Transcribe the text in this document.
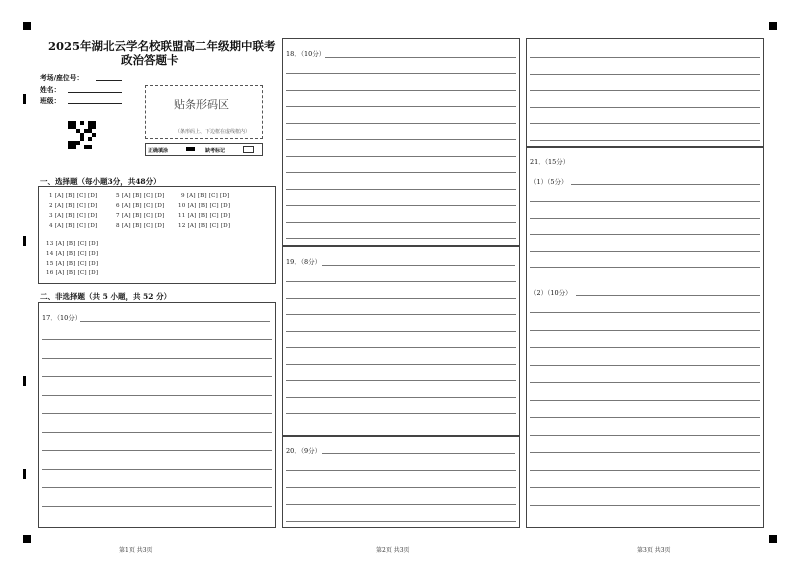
2025年湖北云学名校联盟高二年级期中联考
政治答题卡
考场/座位号：
姓名：
班级：	贴条形码区
（条形码上、下边框在虚线框内）
正确填涂	缺考标记
一、选择题（每小题3分，共48分）
1 [A] [B] [C] [D]	5 [A] [B] [C] [D]	9 [A] [B] [C] [D]
2 [A] [B] [C] [D]	6 [A] [B] [C] [D] 10 [A] [B] [C] [D]
3 [A] [B] [C] [D]	7 [A] [B] [C] [D] 11 [A] [B] [C] [D]
4 [A] [B] [C] [D]	8 [A] [B] [C] [D] 12 [A] [B] [C] [D]
13 [A] [B] [C] [D]
14 [A] [B] [C] [D]
15 [A] [B] [C] [D]
16 [A] [B] [C] [D]
二、非选择题（共 5 小题，共 52 分）
17．（10分）
18．（10分）
19．（8分）
20．（9分）
21．（15分）
（1）（5分）
（2）（10分）
第1页 共3页	第2页 共3页	第3页 共3页
